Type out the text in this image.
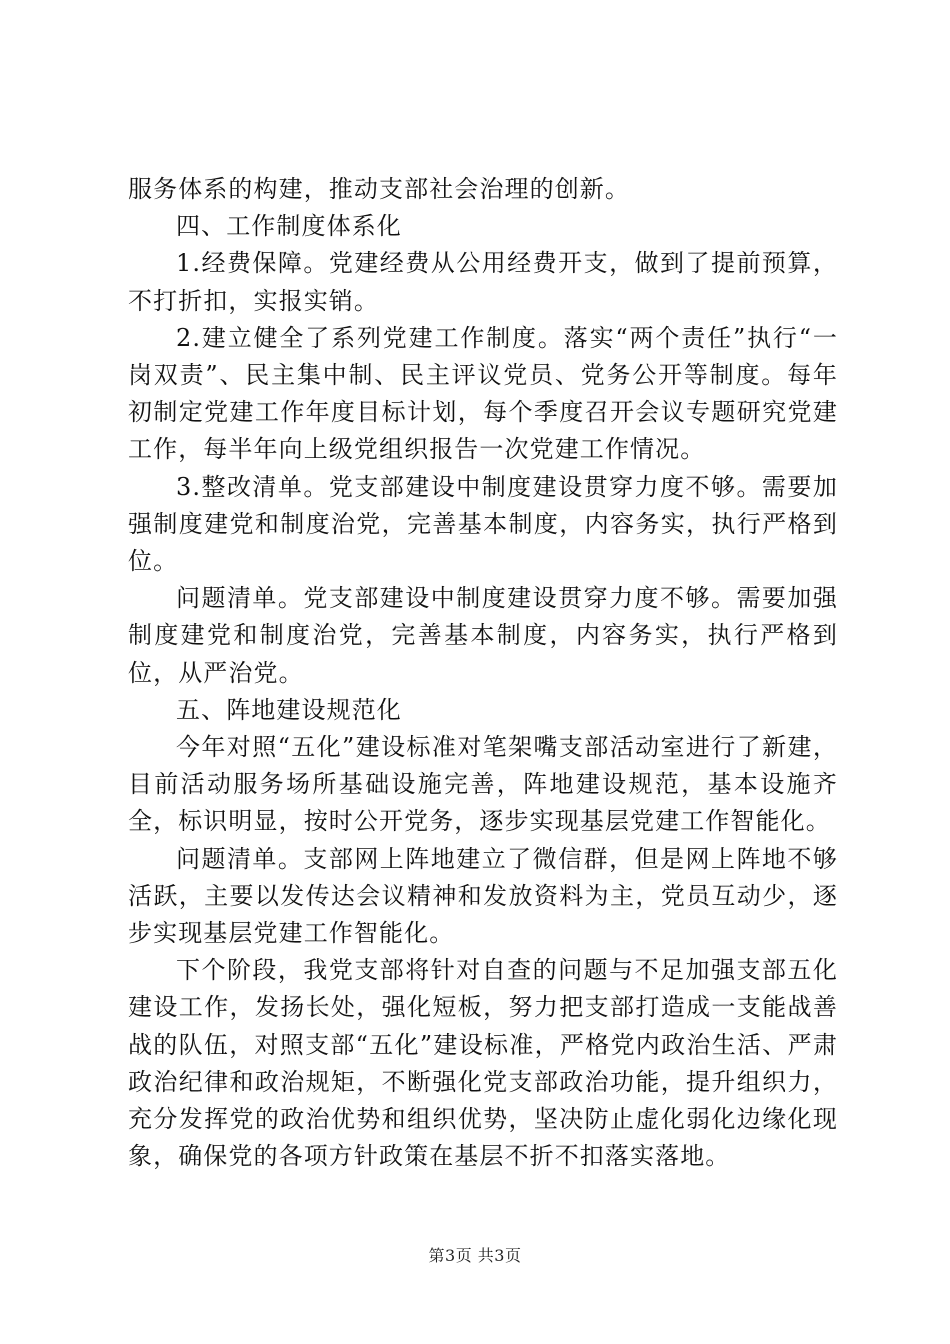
服务体系的构建，推动支部社会治理的创新。

四、工作制度体系化

1.经费保障。党建经费从公用经费开支，做到了提前预算，不打折扣，实报实销。

2.建立健全了系列党建工作制度。落实“两个责任”执行“一岗双责”、民主集中制、民主评议党员、党务公开等制度。每年初制定党建工作年度目标计划，每个季度召开会议专题研究党建工作，每半年向上级党组织报告一次党建工作情况。

3.整改清单。党支部建设中制度建设贯穿力度不够。需要加强制度建党和制度治党，完善基本制度，内容务实，执行严格到位。

问题清单。党支部建设中制度建设贯穿力度不够。需要加强制度建党和制度治党，完善基本制度，内容务实，执行严格到位，从严治党。

五、阵地建设规范化

今年对照“五化”建设标准对笔架嘴支部活动室进行了新建，目前活动服务场所基础设施完善，阵地建设规范，基本设施齐全，标识明显，按时公开党务，逐步实现基层党建工作智能化。

问题清单。支部网上阵地建立了微信群，但是网上阵地不够活跃，主要以发传达会议精神和发放资料为主，党员互动少，逐步实现基层党建工作智能化。

下个阶段，我党支部将针对自查的问题与不足加强支部五化建设工作，发扬长处，强化短板，努力把支部打造成一支能战善战的队伍，对照支部“五化”建设标准，严格党内政治生活、严肃政治纪律和政治规矩，不断强化党支部政治功能，提升组织力，充分发挥党的政治优势和组织优势，坚决防止虚化弱化边缘化现象，确保党的各项方针政策在基层不折不扣落实落地。

第3页 共3页
